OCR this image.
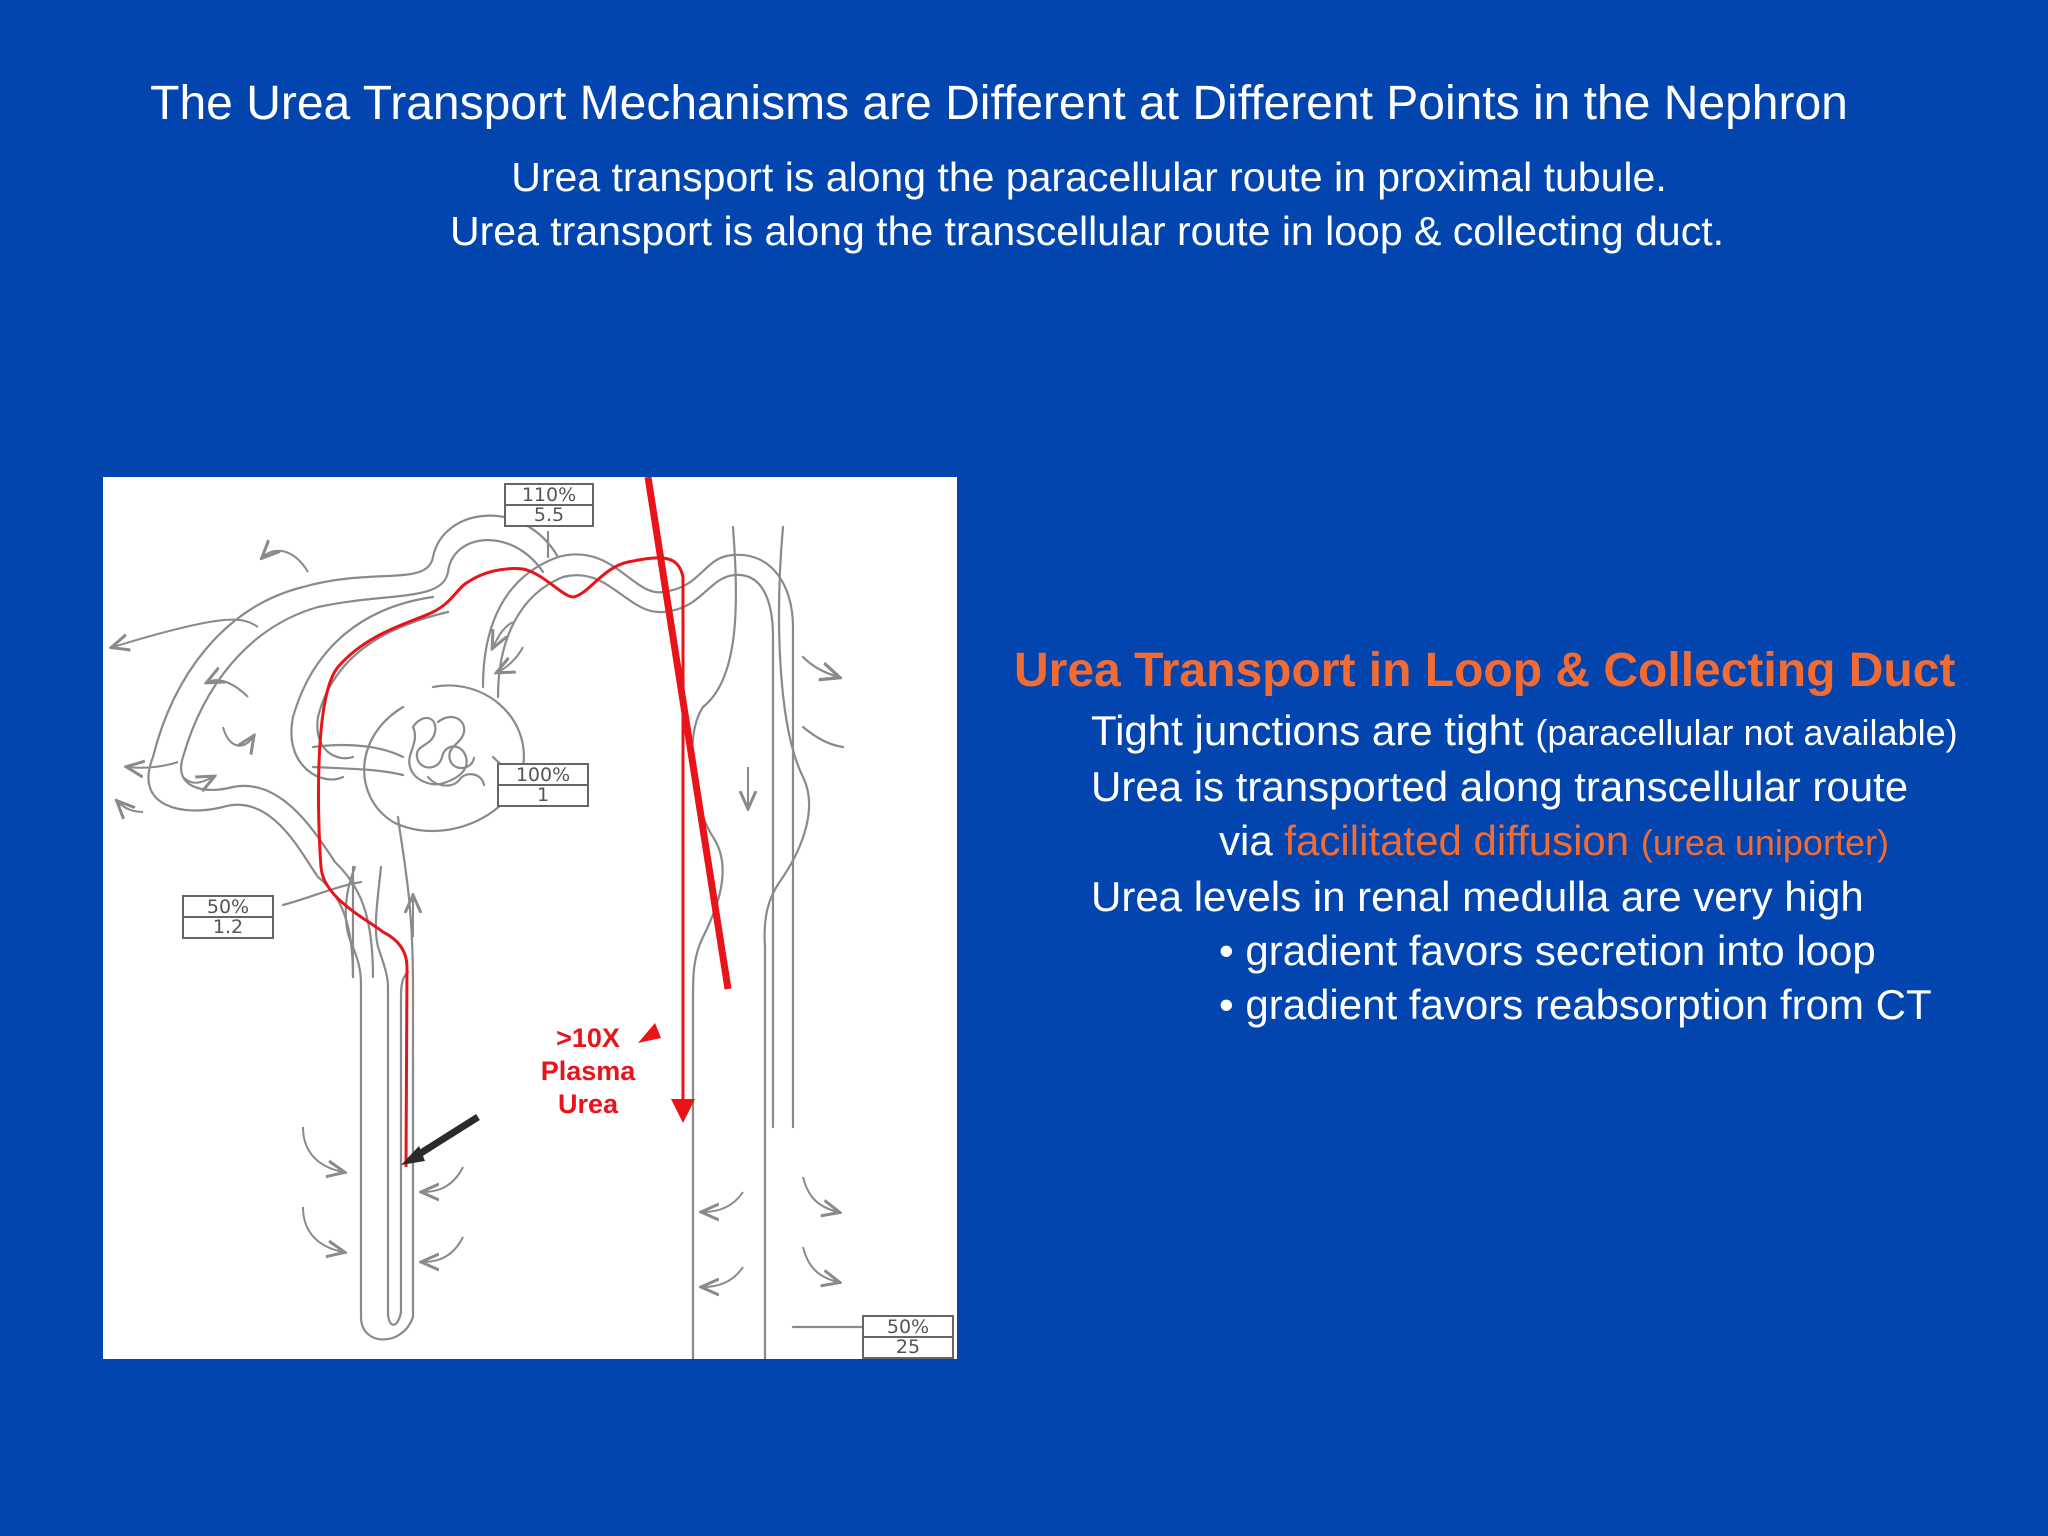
The Urea Transport Mechanisms are Different at Different Points in the Nephron
Urea transport is along the paracellular route in proximal tubule.
Urea transport is along the transcellular route in loop & collecting duct.
110%
5.5
100%
1
50%
1.2
50%
25
>10X
Plasma
Urea
Urea Transport in Loop & Collecting Duct
Tight junctions are tight (paracellular not available)
Urea is transported along transcellular route
via facilitated diffusion (urea uniporter)
Urea levels in renal medulla are very high
• gradient favors secretion into loop
• gradient favors reabsorption from CT
